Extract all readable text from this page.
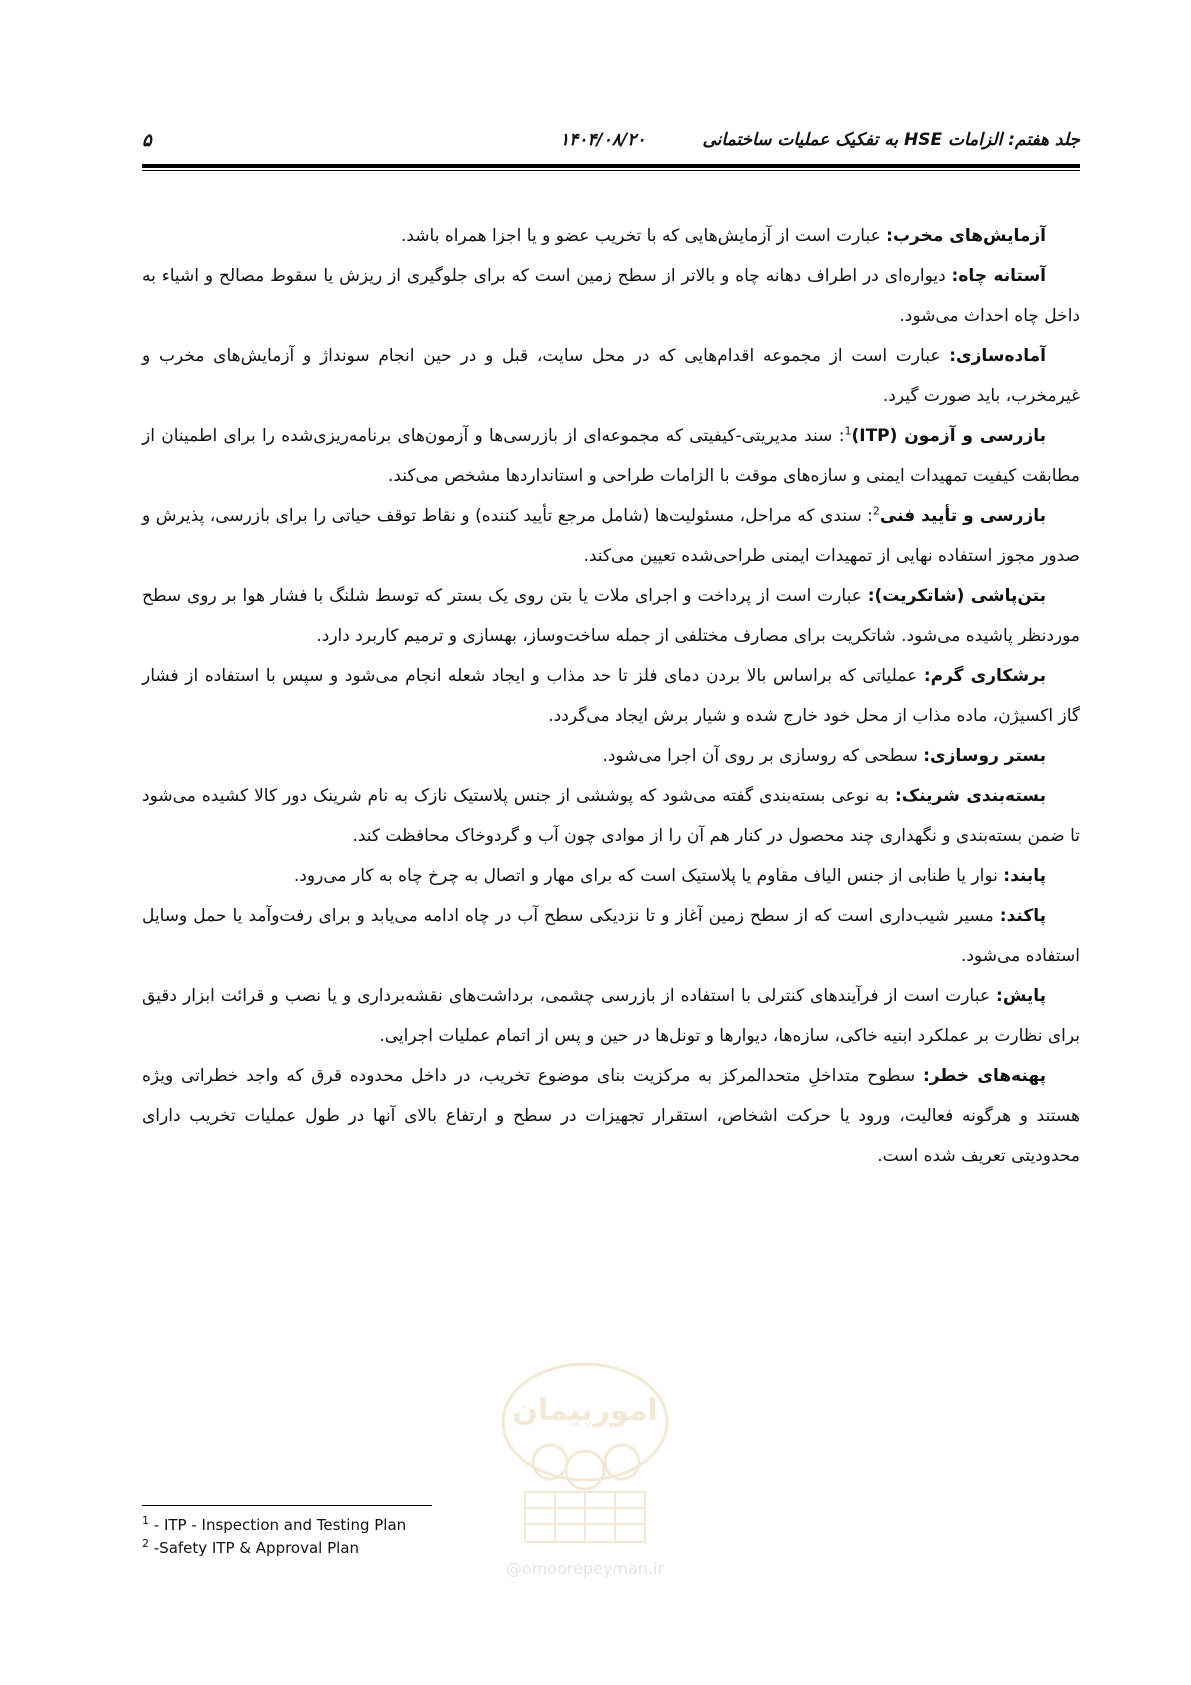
جلد هفتم: الزامات HSE به تفکیک عملیات ساختمانی
۱۴۰۴/۰۸/۲۰
۵

آزمایش‌های مخرب: عبارت است از آزمایش‌هایی که با تخریب عضو و یا اجزا همراه باشد.

آستانه چاه: دیواره‌ای در اطراف دهانه چاه و بالاتر از سطح زمین است که برای جلوگیری از ریزش یا سقوط مصالح و اشیاء به داخل چاه احداث می‌شود.

آماده‌سازی: عبارت است از مجموعه اقدام‌هایی که در محل سایت، قبل و در حین انجام سونداژ و آزمایش‌های مخرب و غیرمخرب، باید صورت گیرد.

بازرسی و آزمون (ITP)$^1$: سند مدیریتی-کیفیتی که مجموعه‌ای از بازرسی‌ها و آزمون‌های برنامه‌ریزی‌شده را برای اطمینان از مطابقت کیفیت تمهیدات ایمنی و سازه‌های موقت با الزامات طراحی و استانداردها مشخص می‌کند.

بازرسی و تأیید فنی$^2$: سندی که مراحل، مسئولیت‌ها (شامل مرجع تأیید کننده) و نقاط توقف حیاتی را برای بازرسی، پذیرش و صدور مجوز استفاده نهایی از تمهیدات ایمنی طراحی‌شده تعیین می‌کند.

بتن‌پاشی (شاتکریت): عبارت است از پرداخت و اجرای ملات یا بتن روی یک بستر که توسط شلنگ با فشار هوا بر روی سطح موردنظر پاشیده می‌شود. شاتکریت برای مصارف مختلفی از جمله ساخت‌وساز، بهسازی و ترمیم کاربرد دارد.

برشکاری گرم: عملیاتی که براساس بالا بردن دمای فلز تا حد مذاب و ایجاد شعله انجام می‌شود و سپس با استفاده از فشار گاز اکسیژن، ماده مذاب از محل خود خارج شده و شیار برش ایجاد می‌گردد.

بستر روسازی: سطحی که روسازی بر روی آن اجرا می‌شود.

بسته‌بندی شرینک: به نوعی بسته‌بندی گفته می‌شود که پوششی از جنس پلاستیک نازک به نام شرینک دور کالا کشیده می‌شود تا ضمن بسته‌بندی و نگهداری چند محصول در کنار هم آن را از موادی چون آب و گردوخاک محافظت کند.

پابند: نوار یا طنابی از جنس الیاف مقاوم یا پلاستیک است که برای مهار و اتصال به چرخ چاه به کار می‌رود.

پاکند: مسیر شیب‌داری است که از سطح زمین آغاز و تا نزدیکی سطح آب در چاه ادامه می‌یابد و برای رفت‌وآمد یا حمل وسایل استفاده می‌شود.

پایش: عبارت است از فرآیندهای کنترلی با استفاده از بازرسی چشمی، برداشت‌های نقشه‌برداری و یا نصب و قرائت ابزار دقیق برای نظارت بر عملکرد ابنیه خاکی، سازه‌ها، دیوارها و تونل‌ها در حین و پس از اتمام عملیات اجرایی.

پهنه‌های خطر: سطوح متداخلِ متحدالمرکز به مرکزیت بنای موضوع تخریب، در داخل محدوده قرق که واجد خطراتی ویژه هستند و هرگونه فعالیت، ورود یا حرکت اشخاص، استقرار تجهیزات در سطح و ارتفاع بالای آنها در طول عملیات تخریب دارای محدودیتی تعریف شده است.

امورپیمان
@omoorepeyman.ir
$^1$ - ITP - Inspection and Testing Plan
$^2$ -Safety ITP & Approval Plan
